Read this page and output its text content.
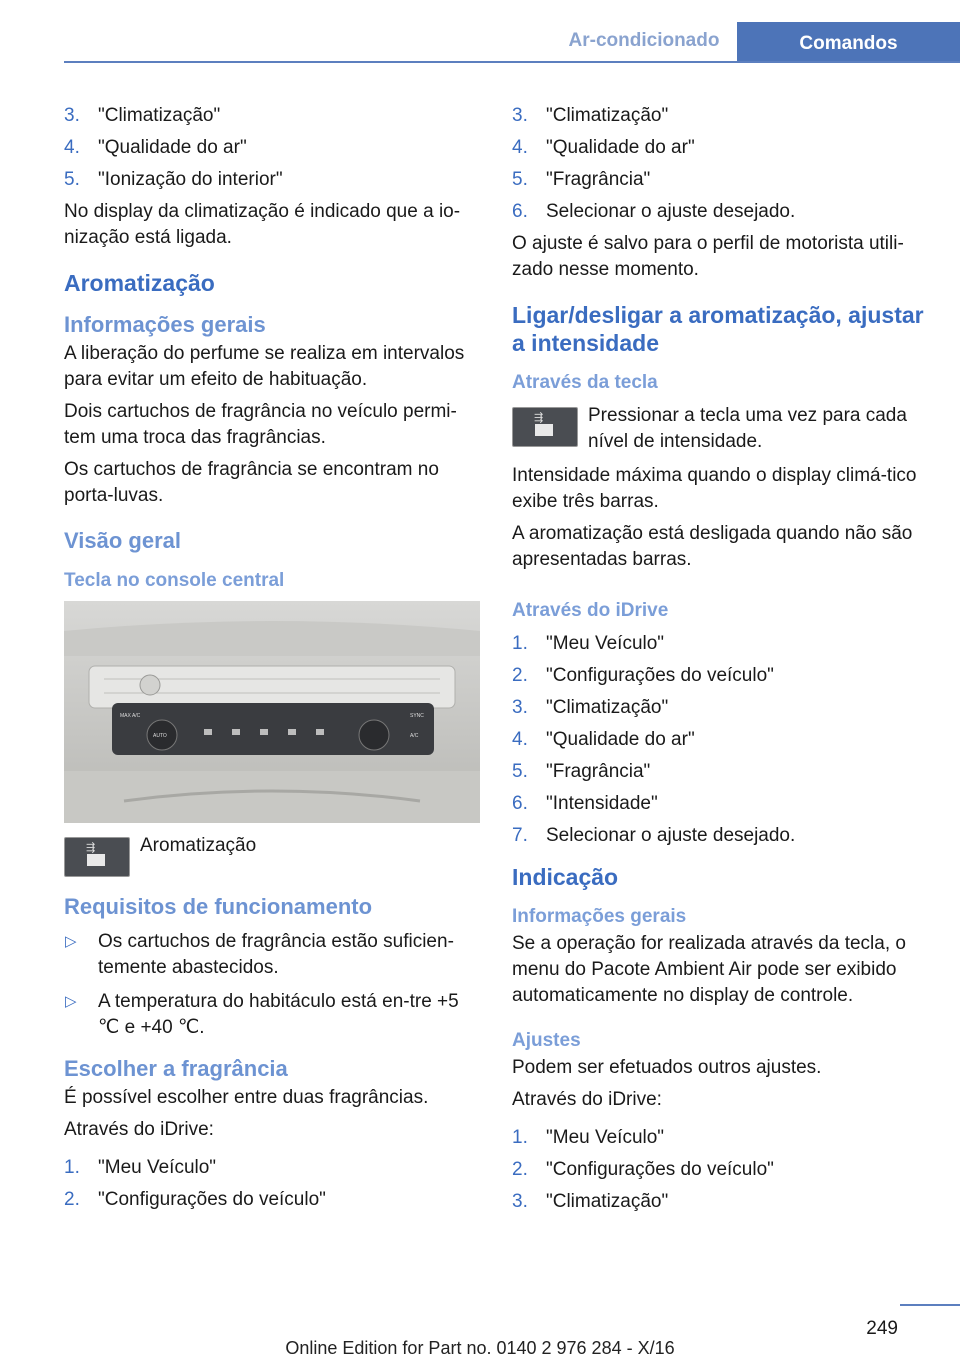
Ar-condicionado	Comandos
3. "Climatização"
4. "Qualidade do ar"
5. "Ionização do interior"

No display da climatização é indicado que a io-nização está ligada.

Aromatização
Informações gerais

A liberação do perfume se realiza em intervalos para evitar um efeito de habituação.

Dois cartuchos de fragrância no veículo permi-tem uma troca das fragrâncias.

Os cartuchos de fragrância se encontram no porta-luvas.

Visão geral
Tecla no console central
MAX A/C
AUTO
SYNC
A/C
⇶	Aromatização
Requisitos de funcionamento
▷ Os cartuchos de fragrância estão suficien-temente abastecidos.
▷ A temperatura do habitáculo está en-tre +5 ℃ e +40 ℃.
Escolher a fragrância

É possível escolher entre duas fragrâncias.

Através do iDrive:

1. "Meu Veículo"
2. "Configurações do veículo"
3. "Climatização"
4. "Qualidade do ar"
5. "Fragrância"
6. Selecionar o ajuste desejado.

O ajuste é salvo para o perfil de motorista utili-zado nesse momento.

Ligar/desligar a aromatização, ajustar a intensidade
Através da tecla
⇶	Pressionar a tecla uma vez para cada nível de intensidade.

Intensidade máxima quando o display climá-tico exibe três barras.

A aromatização está desligada quando não são apresentadas barras.

Através do iDrive
1. "Meu Veículo"
2. "Configurações do veículo"
3. "Climatização"
4. "Qualidade do ar"
5. "Fragrância"
6. "Intensidade"
7. Selecionar o ajuste desejado.
Indicação
Informações gerais

Se a operação for realizada através da tecla, o menu do Pacote Ambient Air pode ser exibido automaticamente no display de controle.

Ajustes

Podem ser efetuados outros ajustes.

Através do iDrive:

1. "Meu Veículo"
2. "Configurações do veículo"
3. "Climatização"
249
Online Edition for Part no. 0140 2 976 284 - X/16
